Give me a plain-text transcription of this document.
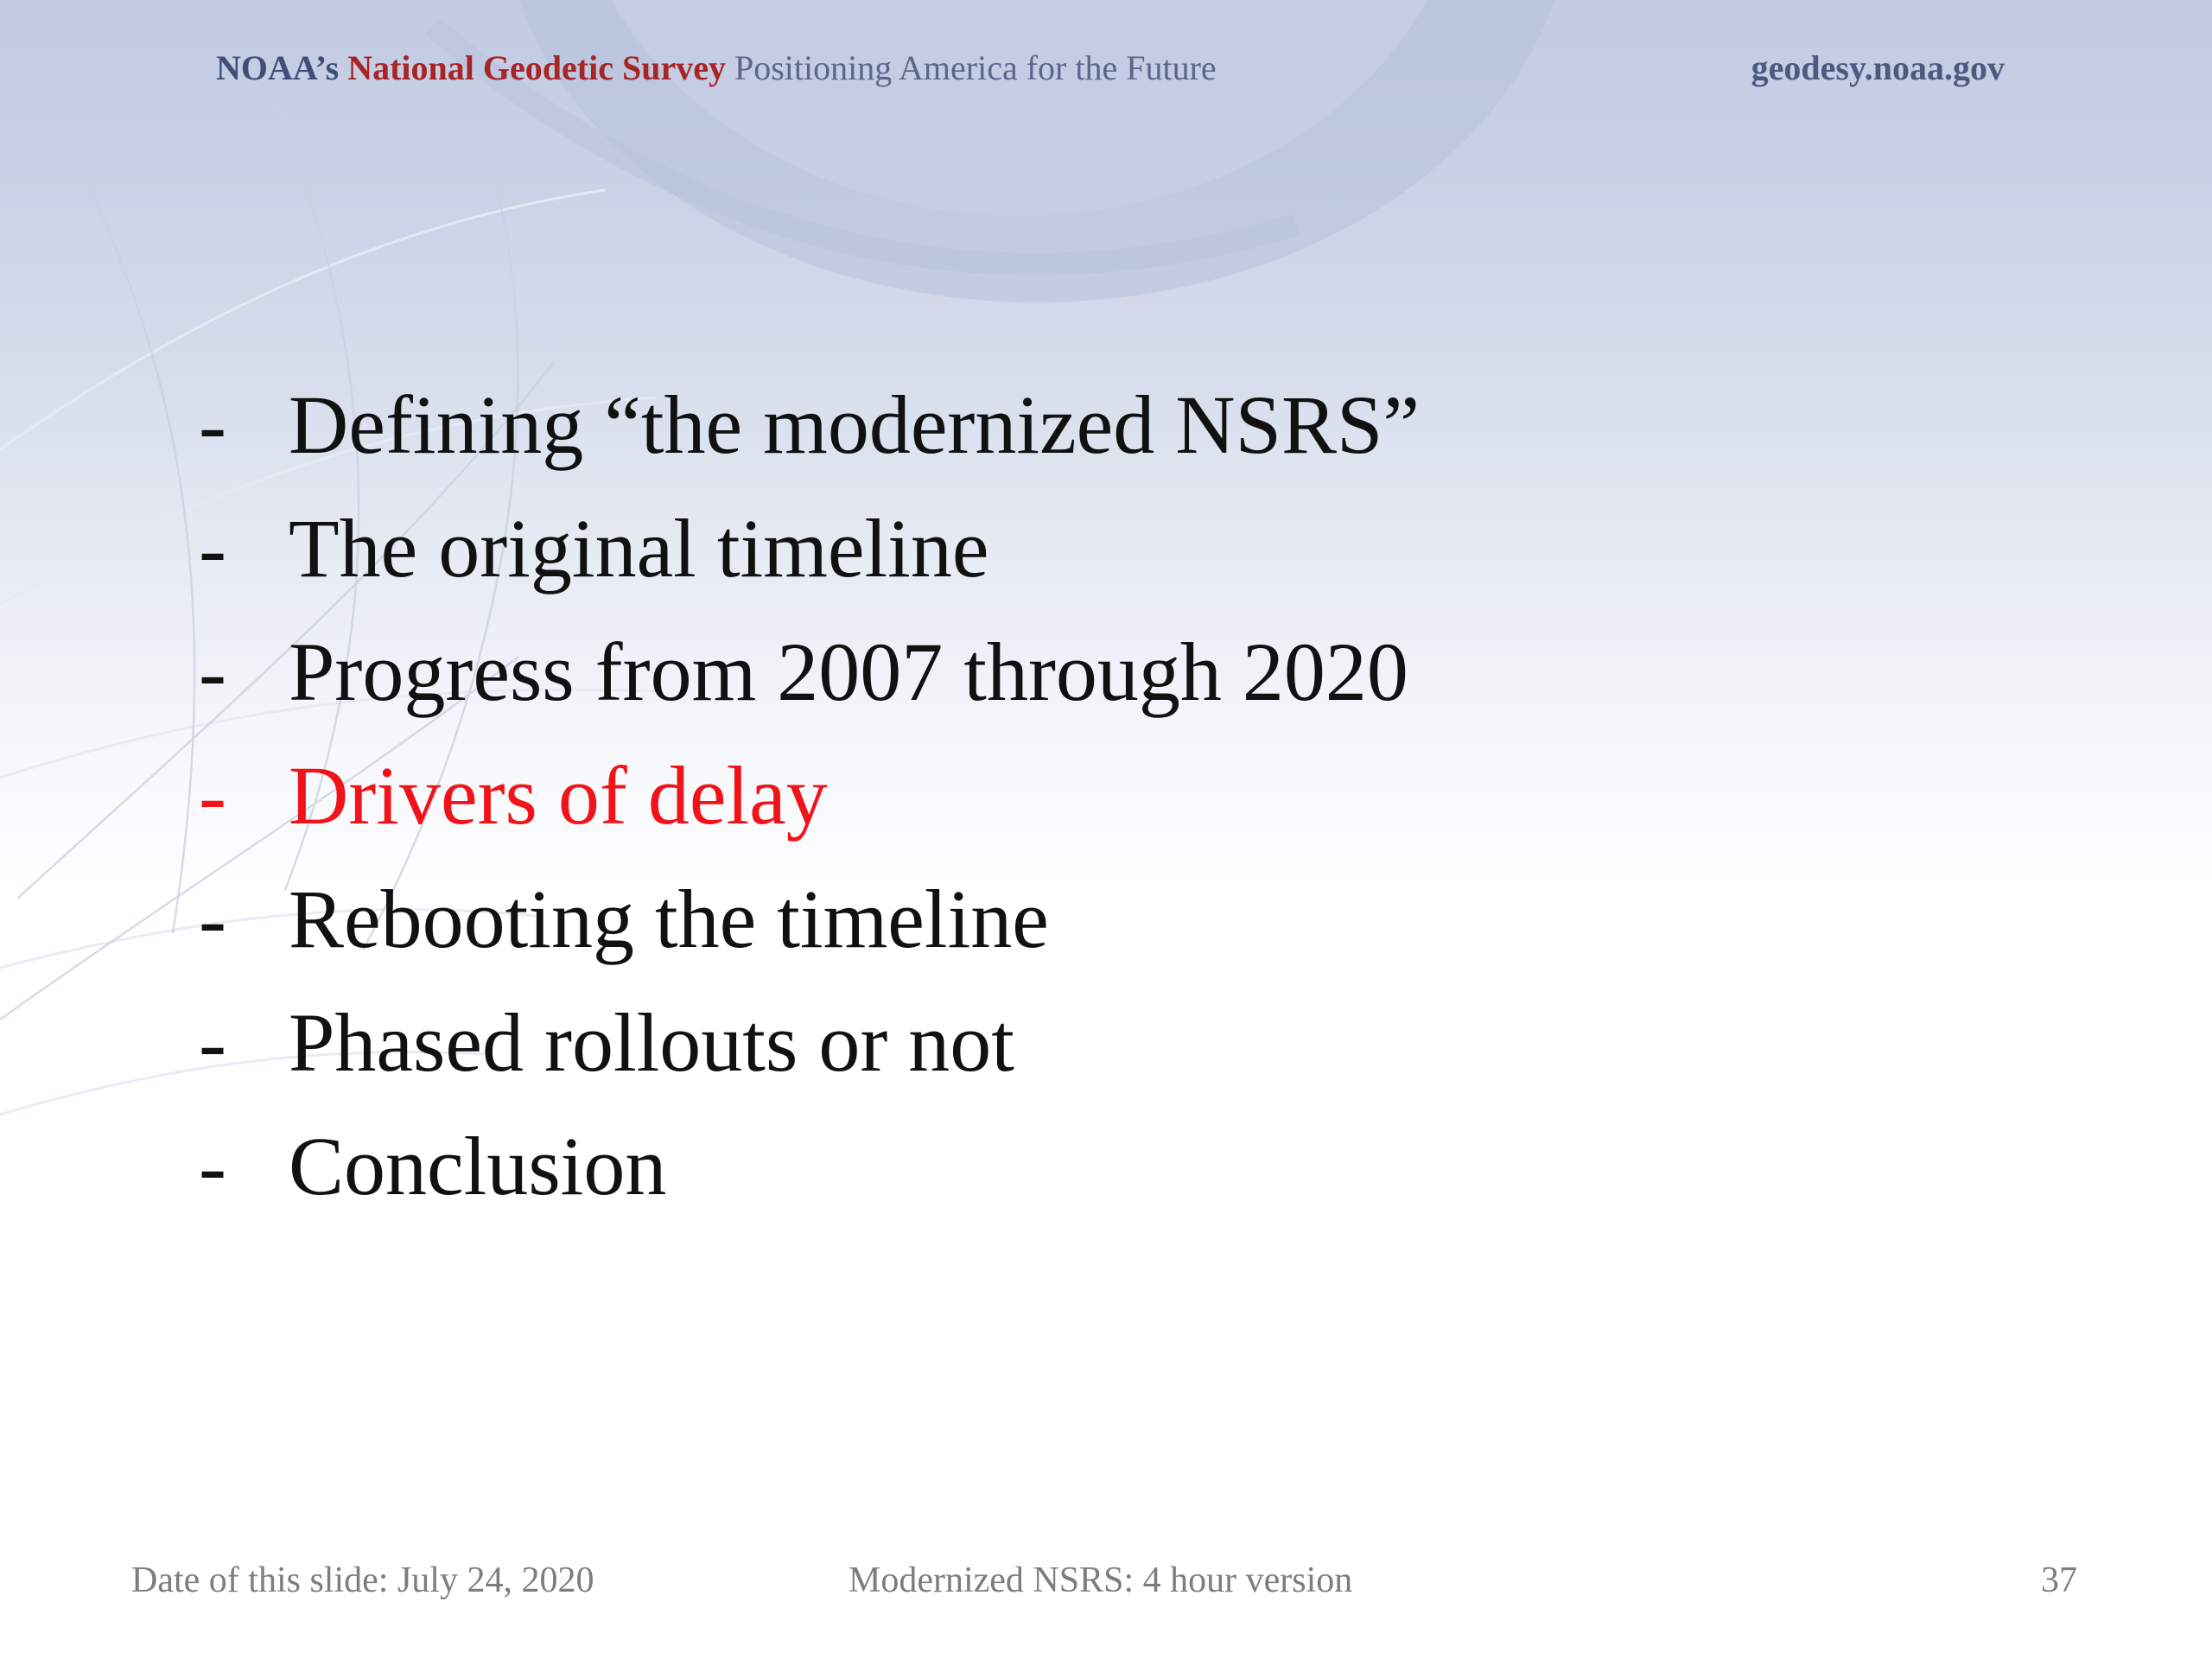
NOAA’s National Geodetic Survey Positioning America for the Future	geodesy.noaa.gov
- Defining “the modernized NSRS”
- The original timeline
- Progress from 2007 through 2020
- Drivers of delay
- Rebooting the timeline
- Phased rollouts or not
- Conclusion
Date of this slide: July 24, 2020	Modernized NSRS: 4 hour version	37
